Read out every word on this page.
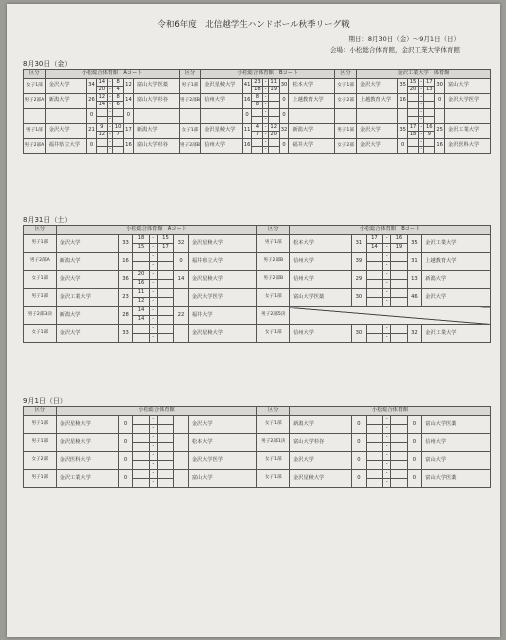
令和6年度　北信越学生ハンドボール秋季リーグ戦
期日：8月30日（金）〜9月1日（日）
会場：小松総合体育館，金沢工業大学体育館
8月30日（金）
区分	小松総合体育館　Aコート							区分	小松総合体育館　Bコート							区分	金沢工業大学　体育館						
女子1部	金沢大学	34	14	-	8	12	富山大学医薬	男子1部	金沢星稜大学	41	23	-	11	30	松本大学	女子1部	金沢大学	35	15	-	17	30	富山大学
			20	-	4						18	-	19						20	-	13		
男子2部A	新潟大学	26	12	-	8	14	富山大学杉谷	男子2部B	信州大学	16	8	-		0	上越教育大学	女子2部	上越教育大学	16		-		0	金沢大学医学
			14	-	6						8	-								-			
		0		-		0				0		-		0						-			
				-								-								-			
男子1部	金沢大学	21	9	-	10	17	新潟大学	女子1部	金沢星稜大学	11	4	-	12	32	新潟大学	男子1部	金沢大学	35	17	-	16	25	金沢工業大学
			12	-	7						7	-	20						18	-	9		
男子2部A	福井県立大学	0		-		16	富山大学杉谷	男子2部B	信州大学	16		-		0	福井大学	女子2部	金沢大学	0		-		16	金沢医科大学
				-								-								-			
8月31日（土）
区分	小松総合体育館　Aコート							区分	小松総合体育館　Bコート						
男子1部	金沢大学	33	18	-	15	32	金沢星稜大学	男子1部	松本大学	31	17	-	16	35	金沢工業大学
			15	-	17						14	-	19		
男子2部A	新潟大学	16		-		0	福井県立大学	男子2部B	信州大学	39		-		31	上越教育大学
				-								-			
女子1部	金沢大学	36	20	-		14	金沢星稜大学	男子2部B	信州大学	29		-		13	新潟大学
			16	-								-			
男子1部	金沢工業大学	23	11	-			金沢大学医学	女子1部	富山大学医薬	30		-		46	金沢大学
			12	-								-			
男子2部3決	新潟大学	28	14	-		22	福井大学	男子2部5決							
			14	-											
女子1部	金沢大学	33		-			金沢星稜大学	女子1部	信州大学	30		-		32	金沢工業大学
				-								-			
9月1日（日）
区分	小松総合体育館							区分	小松総合体育館						
男子1部	金沢星稜大学	0		-			金沢大学	女子1部	新潟大学	0		-		0	富山大学医薬
				-								-			
男子1部	金沢星稜大学	0		-			松本大学	男子2部1決	富山大学杉谷	0		-		0	信州大学
				-								-			
女子2部	金沢医科大学	0		-			金沢大学医学	女子1部	金沢大学	0		-		0	富山大学
				-								-			
男子1部	金沢工業大学	0		-			富山大学	女子1部	金沢星稜大学	0		-		0	富山大学医薬
				-								-			
